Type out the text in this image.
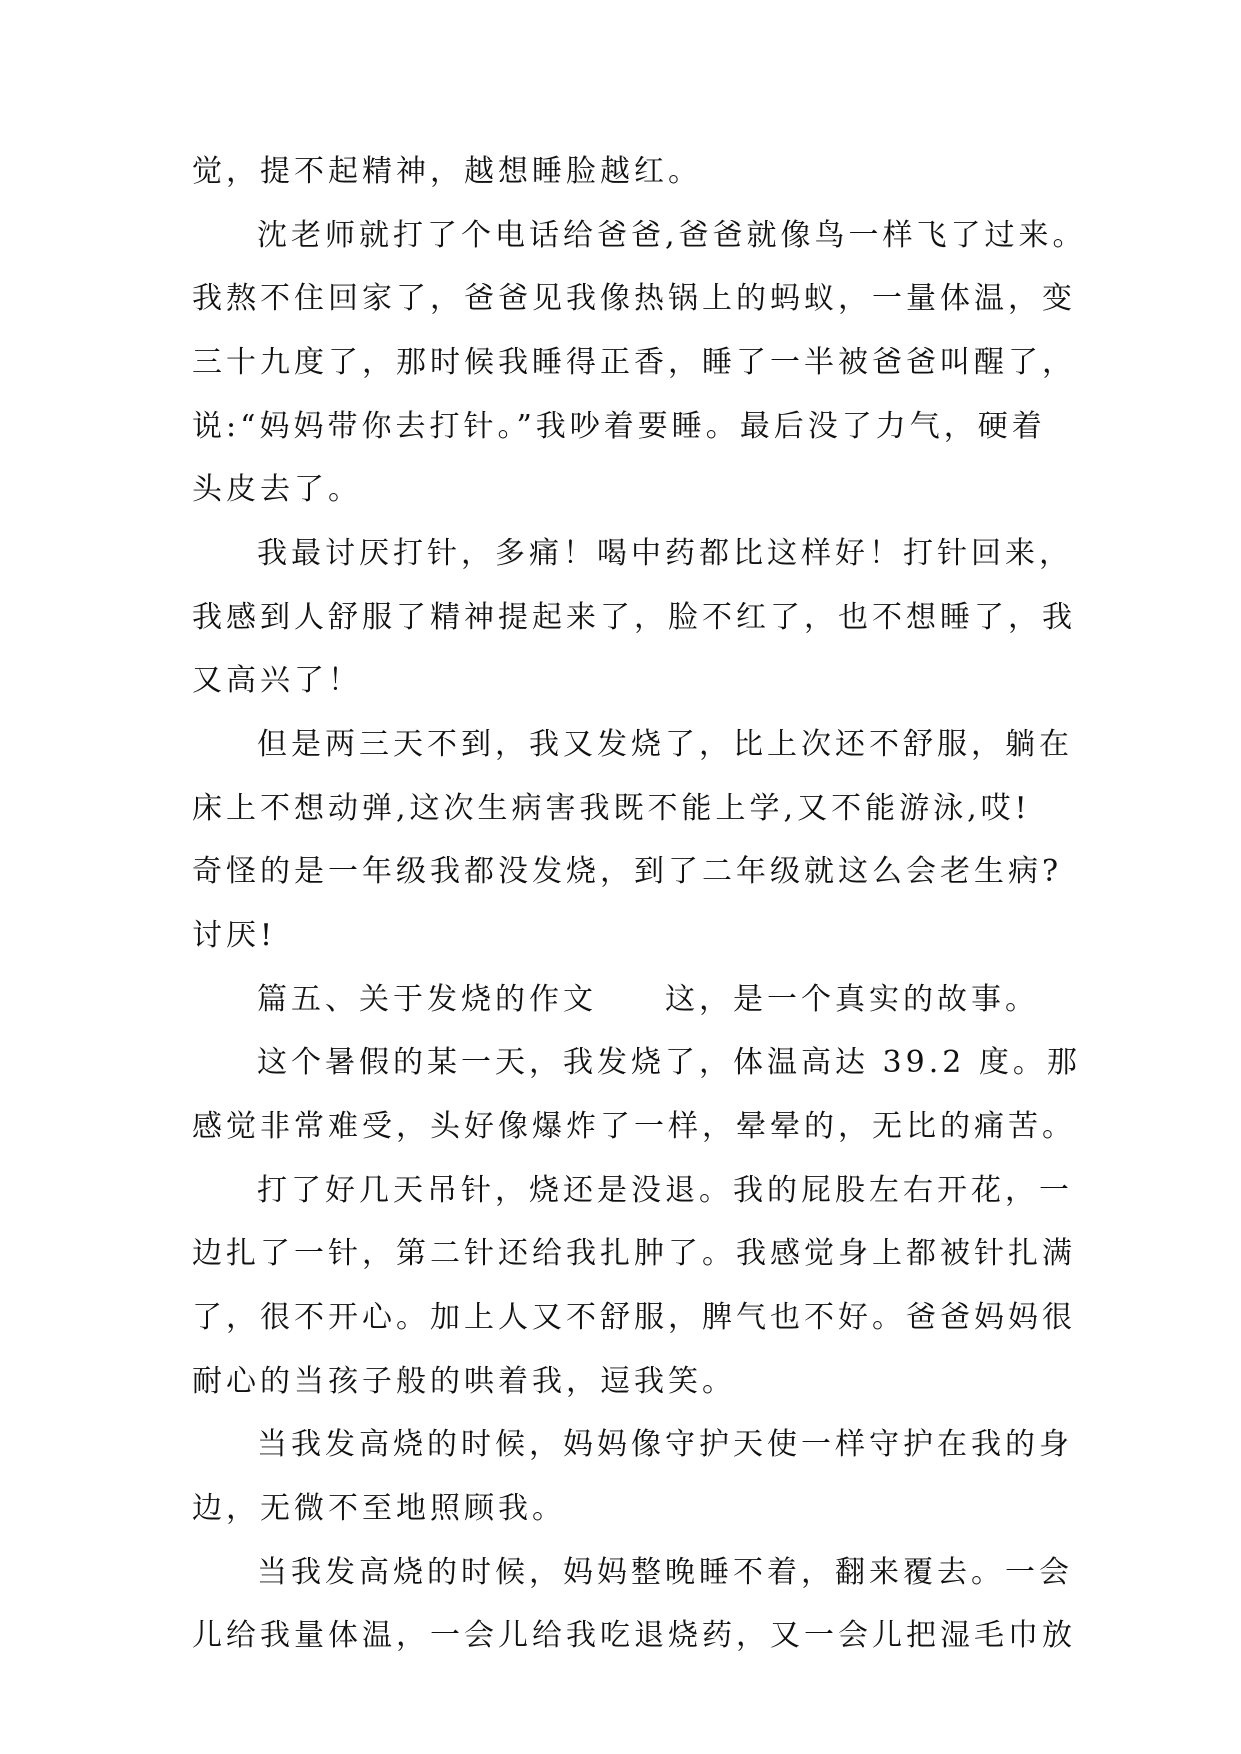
觉，提不起精神，越想睡脸越红。
沈老师就打了个电话给爸爸,爸爸就像鸟一样飞了过来。
我熬不住回家了，爸爸见我像热锅上的蚂蚁，一量体温，变
三十九度了，那时候我睡得正香，睡了一半被爸爸叫醒了，
说:“妈妈带你去打针。”我吵着要睡。最后没了力气，硬着
头皮去了。
我最讨厌打针，多痛！喝中药都比这样好！打针回来，
我感到人舒服了精神提起来了，脸不红了，也不想睡了，我
又高兴了！
但是两三天不到，我又发烧了，比上次还不舒服，躺在
床上不想动弹,这次生病害我既不能上学,又不能游泳,哎!
奇怪的是一年级我都没发烧，到了二年级就这么会老生病?
讨厌!
篇五、关于发烧的作文　　这，是一个真实的故事。
这个暑假的某一天，我发烧了，体温高达 39.2 度。那
感觉非常难受，头好像爆炸了一样，晕晕的，无比的痛苦。
打了好几天吊针，烧还是没退。我的屁股左右开花，一
边扎了一针，第二针还给我扎肿了。我感觉身上都被针扎满
了，很不开心。加上人又不舒服，脾气也不好。爸爸妈妈很
耐心的当孩子般的哄着我，逗我笑。
当我发高烧的时候，妈妈像守护天使一样守护在我的身
边，无微不至地照顾我。
当我发高烧的时候，妈妈整晚睡不着，翻来覆去。一会
儿给我量体温，一会儿给我吃退烧药，又一会儿把湿毛巾放
